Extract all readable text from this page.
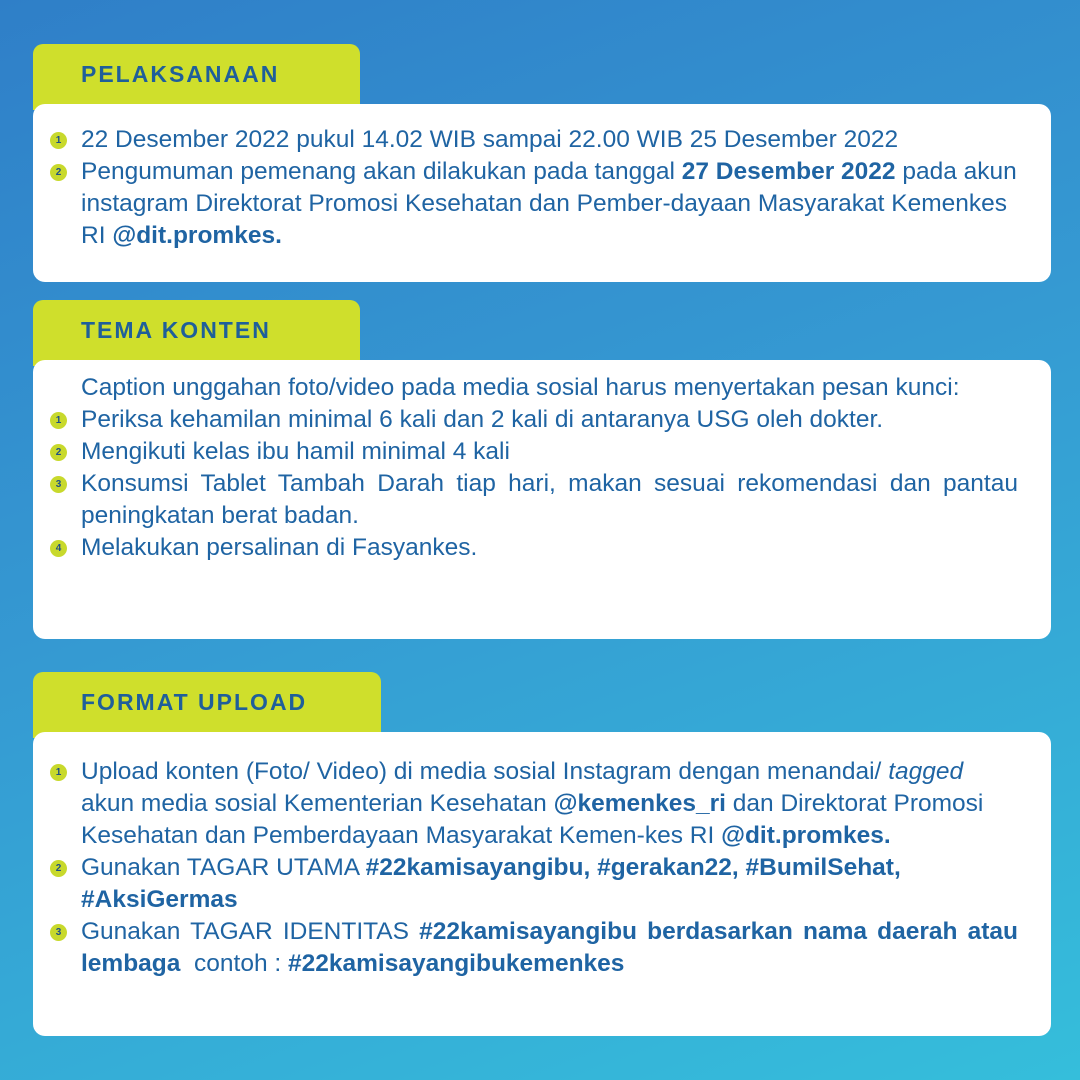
PELAKSANAAN
1 22 Desember 2022 pukul 14.02 WIB sampai 22.00 WIB 25 Desember 2022
2 Pengumuman pemenang akan dilakukan pada tanggal 27 Desember 2022 pada akun instagram Direktorat Promosi Kesehatan dan Pember-dayaan Masyarakat Kemenkes RI @dit.promkes.
TEMA KONTEN
Caption unggahan foto/video pada media sosial harus menyertakan pesan kunci:
1 Periksa kehamilan minimal 6 kali dan 2 kali di antaranya USG oleh dokter.
2 Mengikuti kelas ibu hamil minimal 4 kali
3 Konsumsi Tablet Tambah Darah tiap hari, makan sesuai rekomendasi dan pantau peningkatan berat badan.
4 Melakukan persalinan di Fasyankes.
FORMAT UPLOAD
1 Upload konten (Foto/ Video) di media sosial Instagram dengan menandai/ tagged akun media sosial Kementerian Kesehatan @kemenkes_ri dan Direktorat Promosi Kesehatan dan Pemberdayaan Masyarakat Kemen-kes RI @dit.promkes.
2 Gunakan TAGAR UTAMA #22kamisayangibu, #gerakan22, #BumilSehat, #AksiGermas
3 Gunakan TAGAR IDENTITAS #22kamisayangibu berdasarkan nama daerah atau lembaga  contoh : #22kamisayangibukemenkes
